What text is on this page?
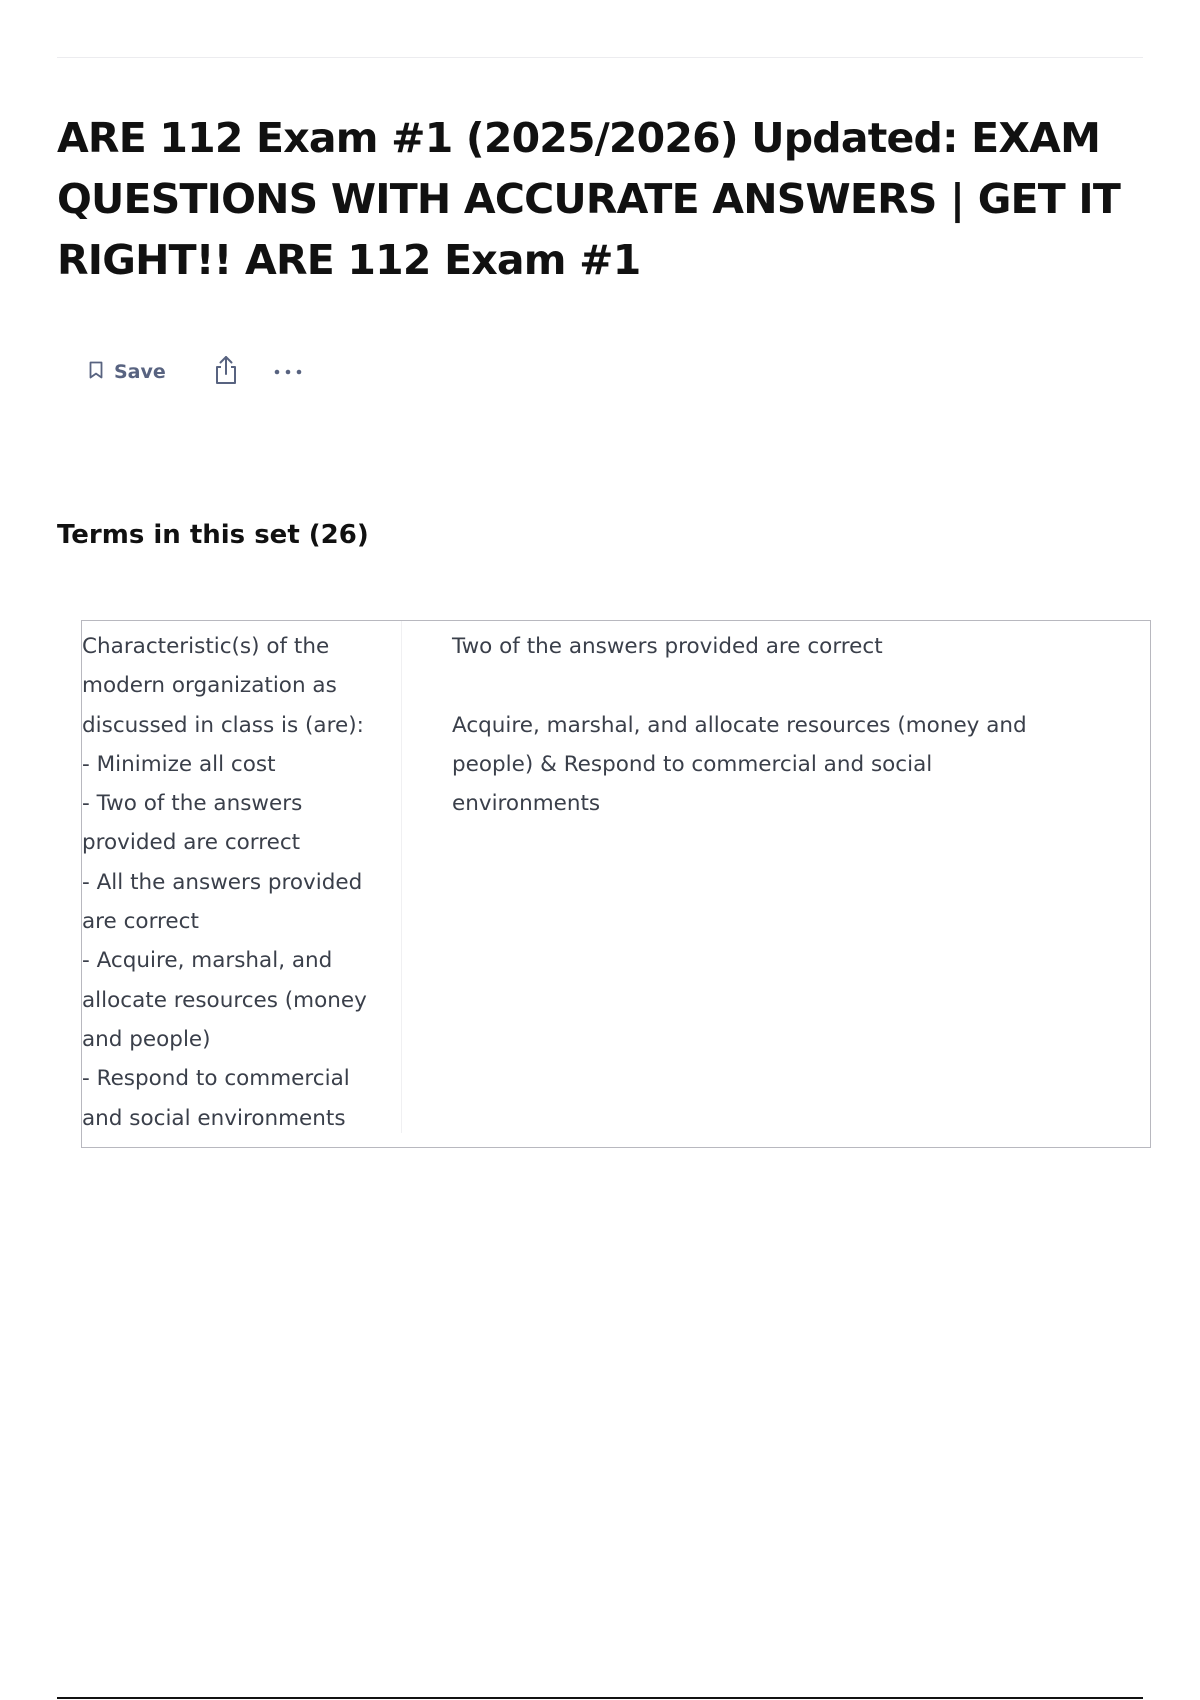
ARE 112 Exam #1 (2025/2026) Updated: EXAM
QUESTIONS WITH ACCURATE ANSWERS | GET IT
RIGHT!! ARE 112 Exam #1
Save
Terms in this set (26)
Characteristic(s) of the
modern organization as
discussed in class is (are):
- Minimize all cost
- Two of the answers
provided are correct
- All the answers provided
are correct
- Acquire, marshal, and
allocate resources (money
and people)
- Respond to commercial
and social environments
Two of the answers provided are correct
Acquire, marshal, and allocate resources (money and
people) & Respond to commercial and social
environments
